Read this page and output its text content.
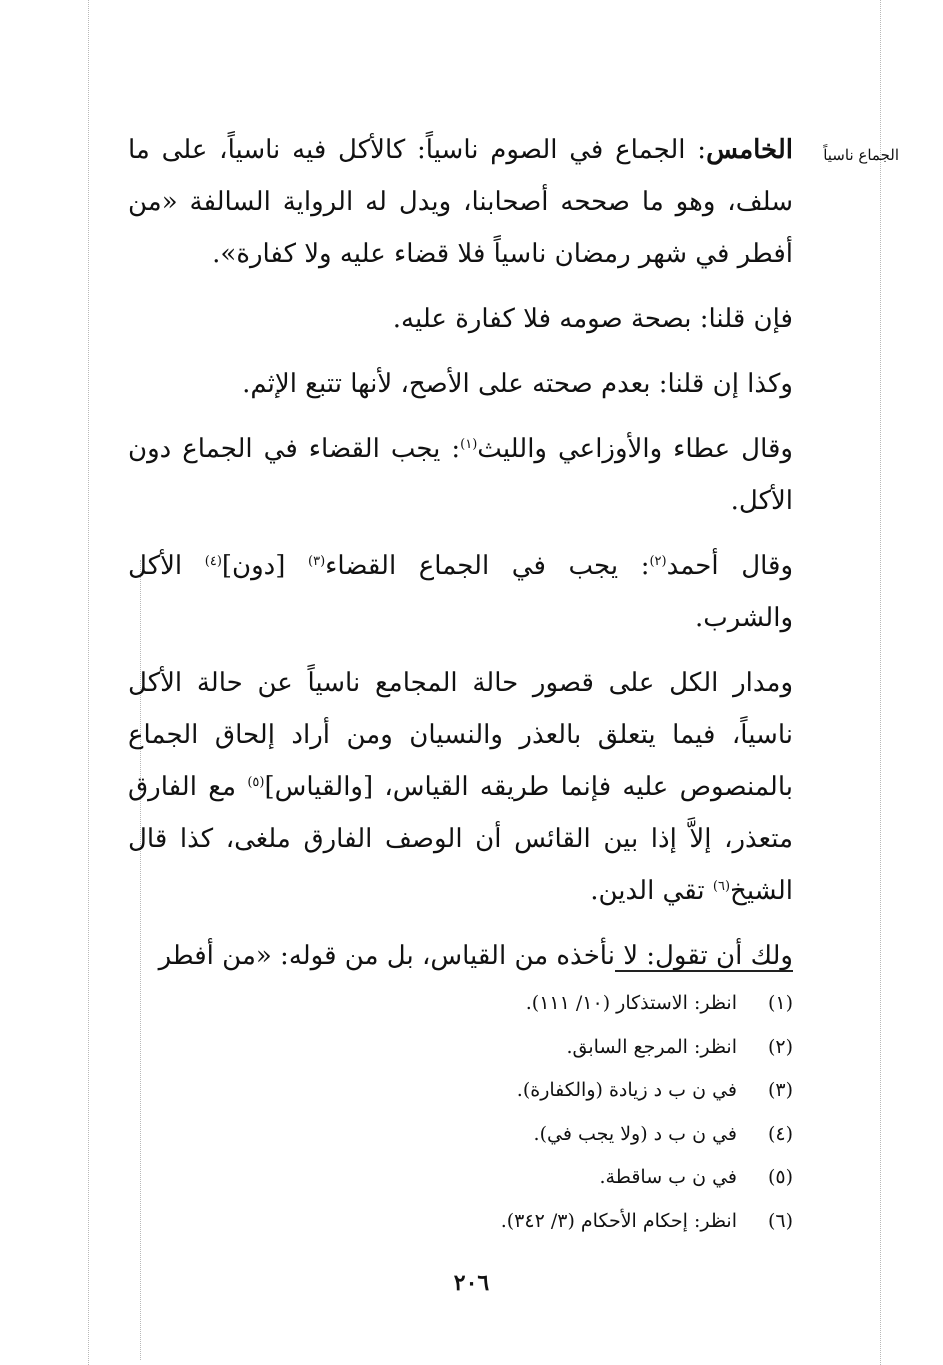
الجماع ناسياً

الخامس: الجماع في الصوم ناسياً: كالأكل فيه ناسياً، على ما سلف، وهو ما صححه أصحابنا، ويدل له الرواية السالفة «من أفطر في شهر رمضان ناسياً فلا قضاء عليه ولا كفارة».

فإن قلنا: بصحة صومه فلا كفارة عليه.

وكذا إن قلنا: بعدم صحته على الأصح، لأنها تتبع الإثم.

وقال عطاء والأوزاعي والليث$^{(١)}$: يجب القضاء في الجماع دون الأكل.

وقال أحمد$^{(٢)}$: يجب في الجماع القضاء$^{(٣)}$ [دون]$^{(٤)}$ الأكل والشرب.

ومدار الكل على قصور حالة المجامع ناسياً عن حالة الأكل ناسياً، فيما يتعلق بالعذر والنسيان ومن أراد إلحاق الجماع بالمنصوص عليه فإنما طريقه القياس، [والقياس]$^{(٥)}$ مع الفارق متعذر، إلاَّ إذا بين القائس أن الوصف الفارق ملغى، كذا قال الشيخ$^{(٦)}$ تقي الدين.

ولك أن تقول: لا نأخذه من القياس، بل من قوله: «من أفطر

(١)
انظر: الاستذكار (١٠/ ١١١).
(٢)
انظر: المرجع السابق.
(٣)
في ن ب د زيادة (والكفارة).
(٤)
في ن ب د (ولا يجب في).
(٥)
في ن ب ساقطة.
(٦)
انظر: إحكام الأحكام (٣/ ٣٤٢).
٢٠٦
